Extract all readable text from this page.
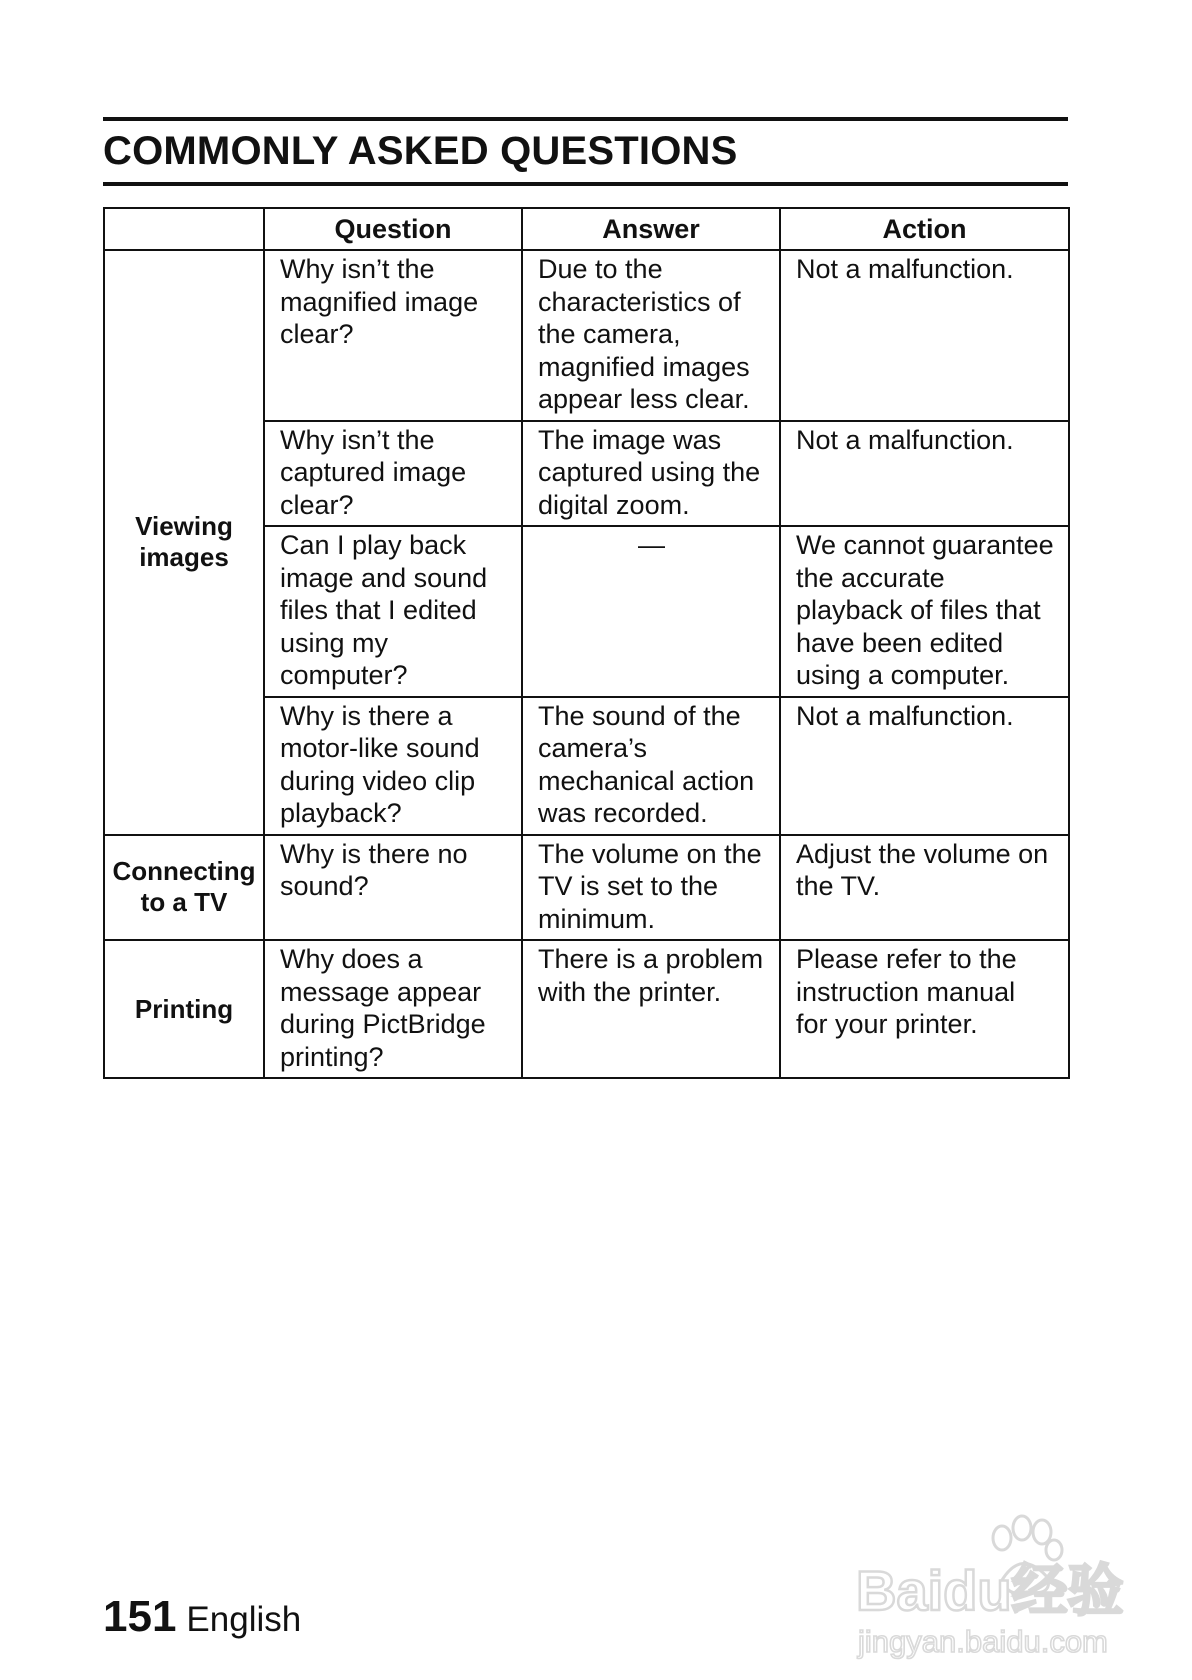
COMMONLY ASKED QUESTIONS
	Question	Answer	Action
Viewing images	Why isn’t the magnified image clear?	Due to the characteristics of the camera, magnified images appear less clear.	Not a malfunction.
	Why isn’t the captured image clear?	The image was captured using the digital zoom.	Not a malfunction.
	Can I play back image and sound files that I edited using my computer?	—	We cannot guarantee the accurate playback of files that have been edited using a computer.
	Why is there a motor-like sound during video clip playback?	The sound of the camera’s mechanical action was recorded.	Not a malfunction.
Connecting to a TV	Why is there no sound?	The volume on the TV is set to the minimum.	Adjust the volume on the TV.
Printing	Why does a message appear during PictBridge printing?	There is a problem with the printer.	Please refer to the instruction manual for your printer.
151 English	Baidu经验
jingyan.baidu.com
